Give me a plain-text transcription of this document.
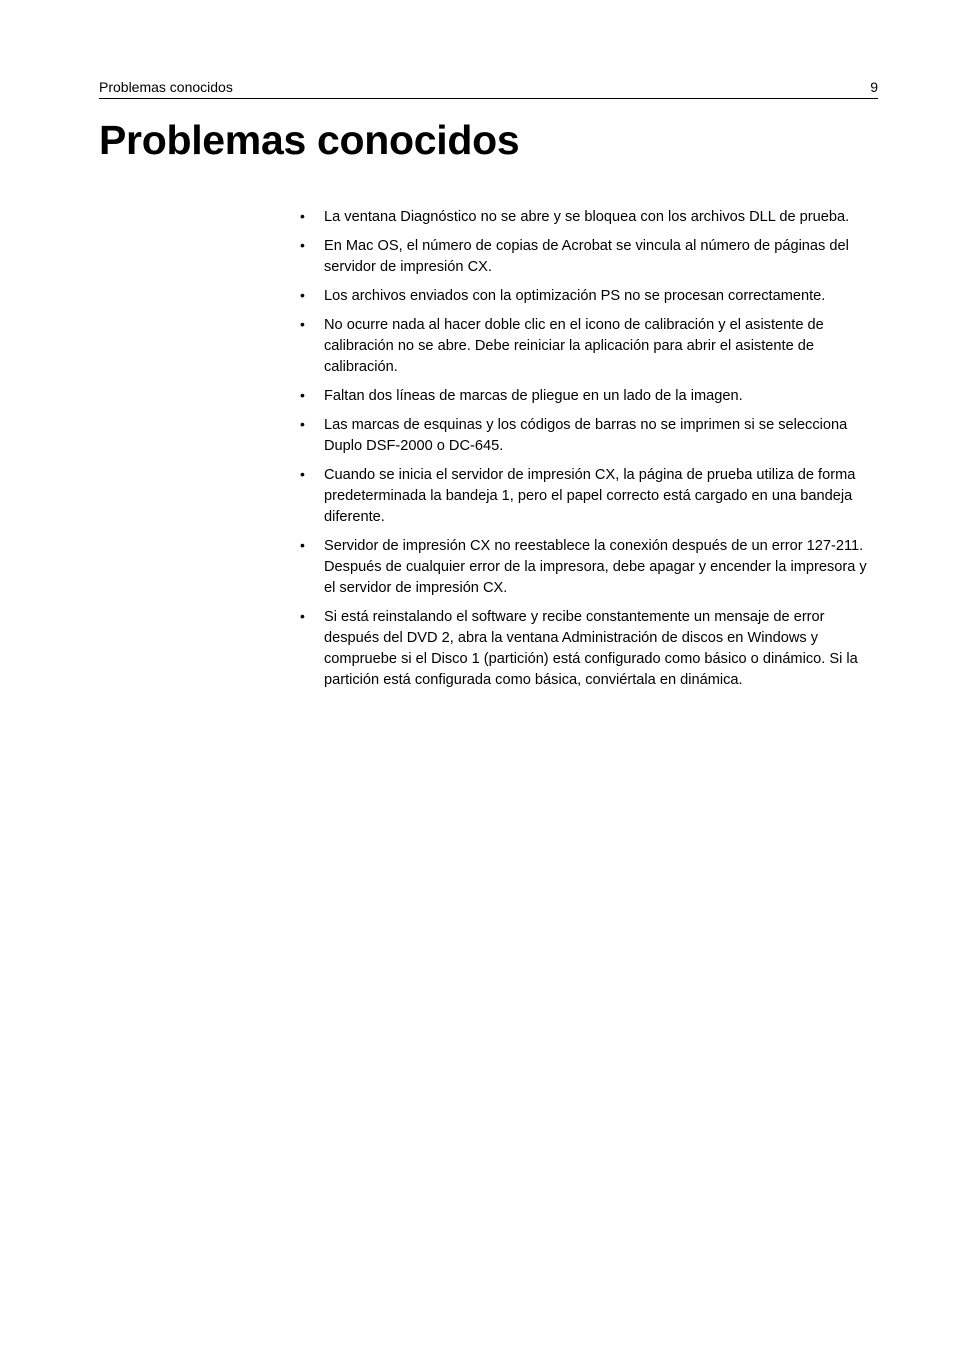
Problemas conocidos	9
Problemas conocidos
• La ventana Diagnóstico no se abre y se bloquea con los archivos DLL de prueba.
• En Mac OS, el número de copias de Acrobat se vincula al número de páginas del servidor de impresión CX.
• Los archivos enviados con la optimización PS no se procesan correctamente.
• No ocurre nada al hacer doble clic en el icono de calibración y el asistente de calibración no se abre. Debe reiniciar la aplicación para abrir el asistente de calibración.
• Faltan dos líneas de marcas de pliegue en un lado de la imagen.
• Las marcas de esquinas y los códigos de barras no se imprimen si se selecciona Duplo DSF-2000 o DC-645.
• Cuando se inicia el servidor de impresión CX, la página de prueba utiliza de forma predeterminada la bandeja 1, pero el papel correcto está cargado en una bandeja diferente.
• Servidor de impresión CX no reestablece la conexión después de un error 127-211. Después de cualquier error de la impresora, debe apagar y encender la impresora y el servidor de impresión CX.
• Si está reinstalando el software y recibe constantemente un mensaje de error después del DVD 2, abra la ventana Administración de discos en Windows y compruebe si el Disco 1 (partición) está configurado como básico o dinámico. Si la partición está configurada como básica, conviértala en dinámica.
